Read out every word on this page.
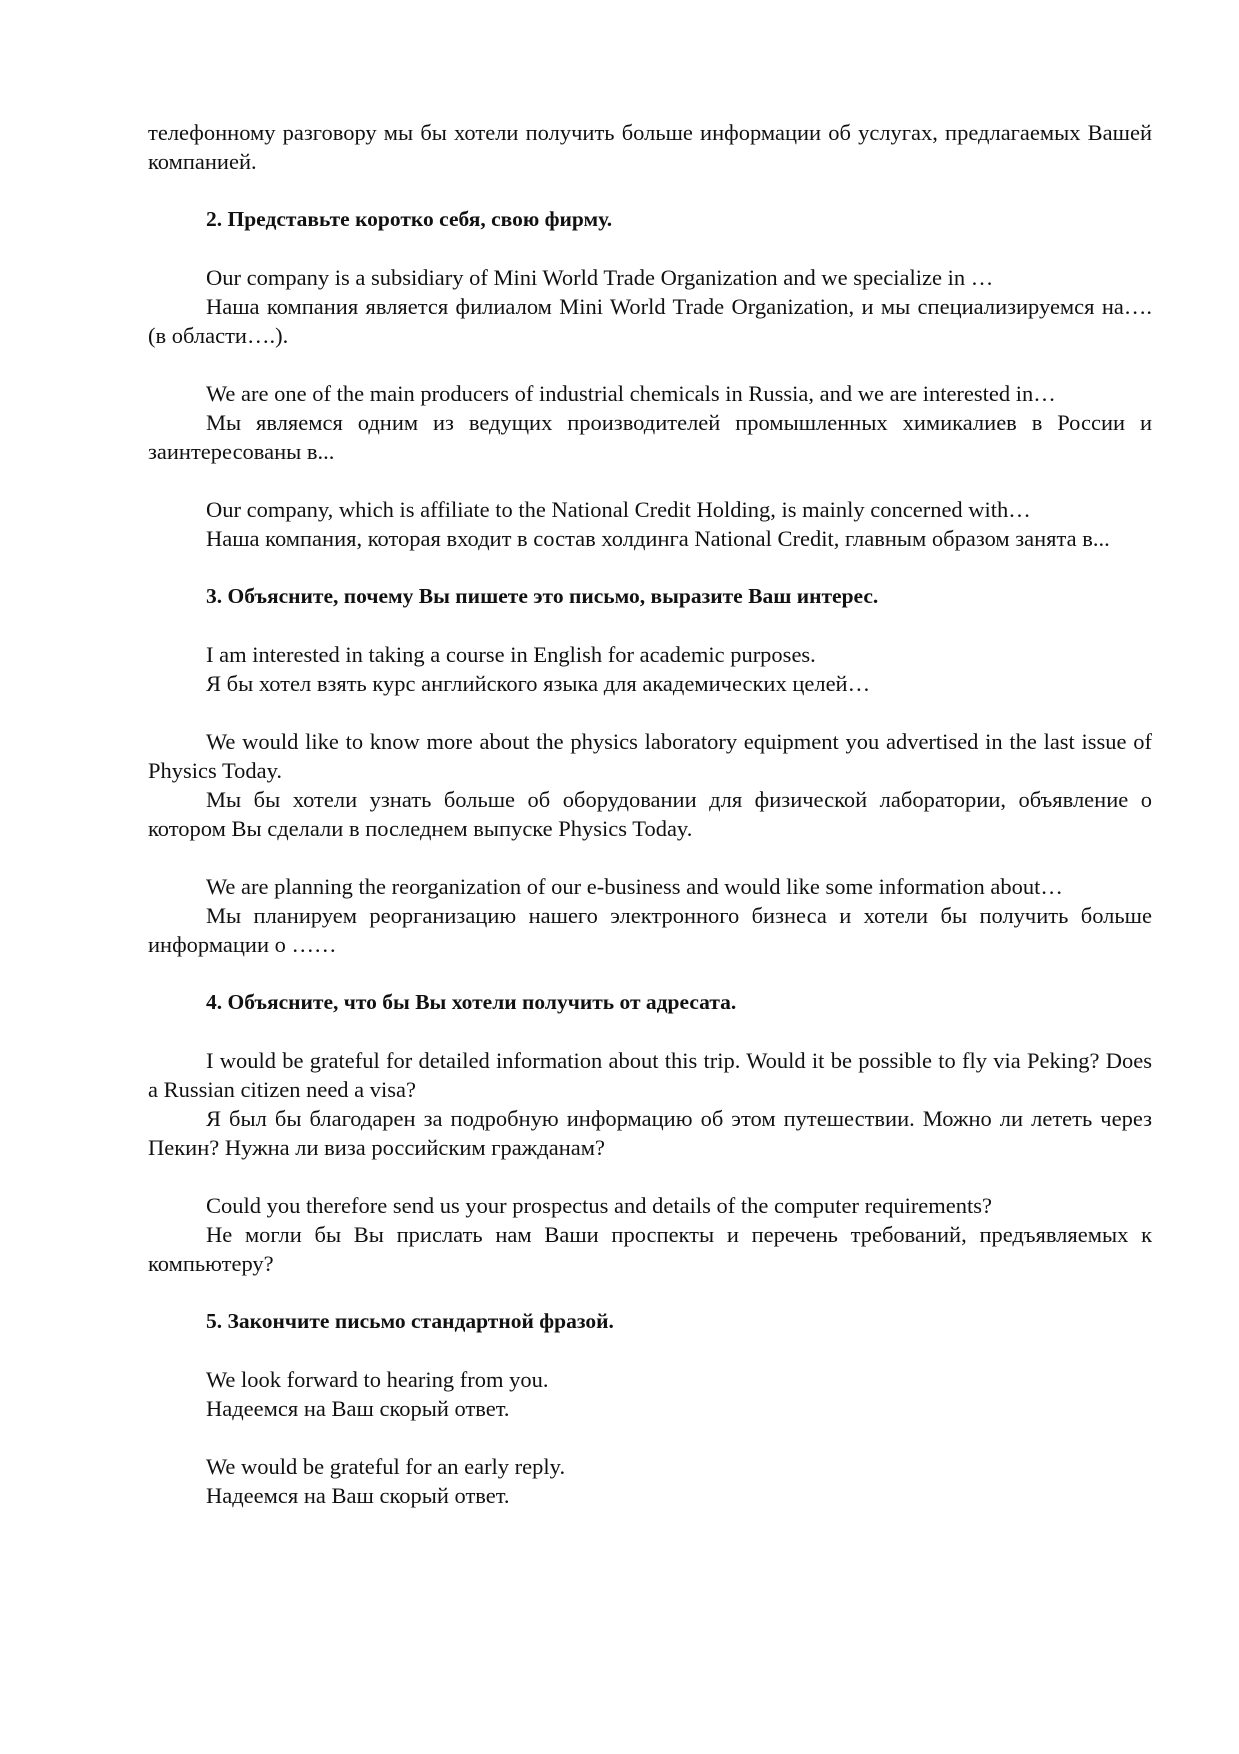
телефонному разговору мы бы хотели получить больше информации об услугах, предлагаемых Вашей компанией.

2. Представьте коротко себя, свою фирму.

Our company is a subsidiary of Mini World Trade Organization and we specialize in …

Наша компания является филиалом Mini World Trade Organization, и мы специализируемся на…. (в области….).

We are one of the main producers of industrial chemicals in Russia, and we are interested in…

Мы являемся одним из ведущих производителей промышленных химикалиев в России и заинтересованы в...

Our company, which is affiliate to the National Credit Holding, is mainly concerned with…

Наша компания, которая входит в состав холдинга National Credit, главным образом занята в...

3. Объясните, почему Вы пишете это письмо, выразите Ваш интерес.

I am interested in taking a course in English for academic purposes.

Я бы хотел взять курс английского языка для академических целей…

We would like to know more about the physics laboratory equipment you advertised in the last issue of Physics Today.

Мы бы хотели узнать больше об оборудовании для физической лаборатории, объявление о котором Вы сделали в последнем выпуске Physics Today.

We are planning the reorganization of our e-business and would like some information about…

Мы планируем реорганизацию нашего электронного бизнеса и хотели бы получить больше информации о ……

4. Объясните, что бы Вы хотели получить от адресата.

I would be grateful for detailed information about this trip. Would it be possible to fly via Peking? Does a Russian citizen need a visa?

Я был бы благодарен за подробную информацию об этом путешествии. Можно ли лететь через Пекин? Нужна ли виза российским гражданам?

Could you therefore send us your prospectus and details of the computer requirements?

Не могли бы Вы прислать нам Ваши проспекты и перечень требований, предъявляемых к компьютеру?

5. Закончите письмо стандартной фразой.

We look forward to hearing from you.

Надеемся на Ваш скорый ответ.

We would be grateful for an early reply.

Надеемся на Ваш скорый ответ.
